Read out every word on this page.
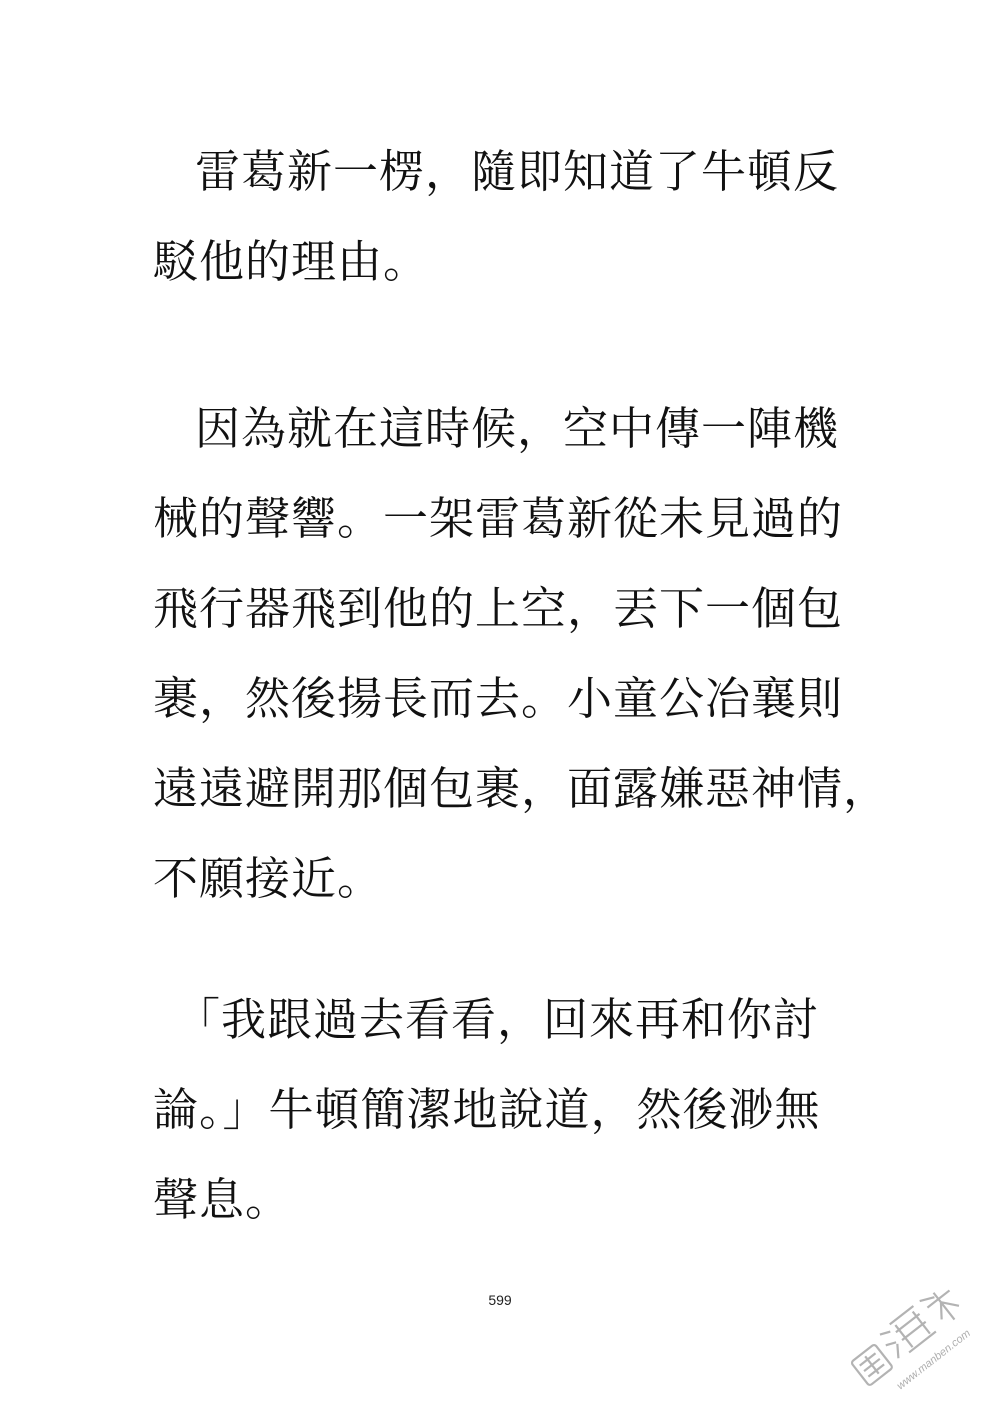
雷葛新一楞，隨即知道了牛頓反
駁他的理由。
因為就在這時候，空中傳一陣機
械的聲響。一架雷葛新從未見過的
飛行器飛到他的上空，丟下一個包
裹，然後揚長而去。小童公冶襄則
遠遠避開那個包裹，面露嫌惡神情，
不願接近。
「我跟過去看看，回來再和你討
論。」牛頓簡潔地說道，然後渺無
聲息。
599
www.manben.com
